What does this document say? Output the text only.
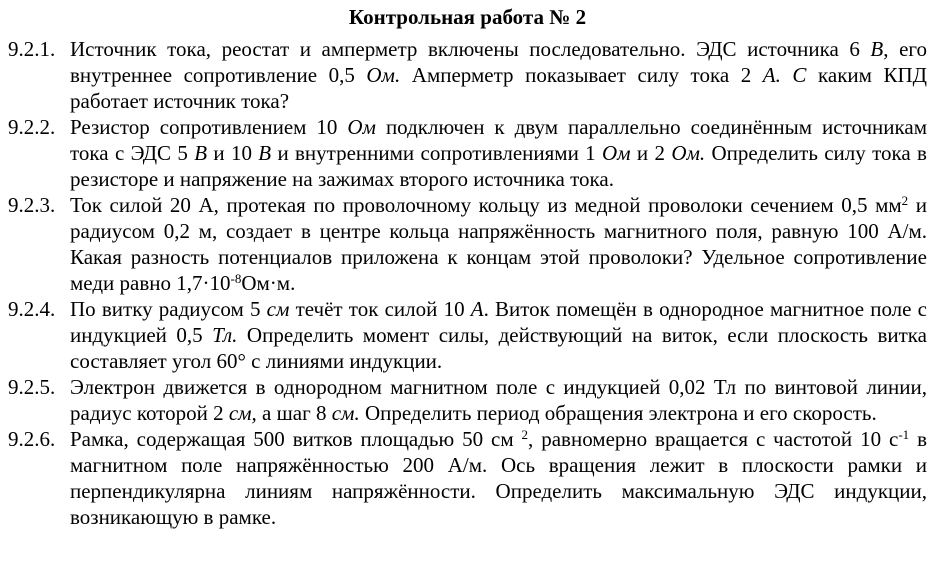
Контрольная работа № 2
9.2.1. Источник тока, реостат и амперметр включены последовательно. ЭДС источника 6 В, его внутреннее сопротивление 0,5 Ом. Амперметр показывает силу тока 2 А. С каким КПД работает источник тока?
9.2.2. Резистор сопротивлением 10 Ом подключен к двум параллельно соединённым источникам тока с ЭДС 5 В и 10 В и внутренними сопротивлениями 1 Ом и 2 Ом. Определить силу тока в резисторе и напряжение на зажимах второго источника тока.
9.2.3. Ток силой 20 А, протекая по проволочному кольцу из медной проволоки сечением 0,5 $мм^2$ и радиусом 0,2 м, создает в центре кольца напряжённость магнитного поля, равную 100 А/м. Какая разность потенциалов приложена к концам этой проволоки? Удельное сопротивление меди равно $1,7\cdot 10^{-8}Ом\cdot м$.
9.2.4. По витку радиусом 5 см течёт ток силой 10 А. Виток помещён в однородное магнитное поле с индукцией 0,5 Тл. Определить момент силы, действующий на виток, если плоскость витка составляет угол 60° с линиями индукции.
9.2.5. Электрон движется в однородном магнитном поле с индукцией 0,02 Тл по винтовой линии, радиус которой 2 см, а шаг 8 см. Определить период обращения электрона и его скорость.
9.2.6. Рамка, содержащая 500 витков площадью 50 см $^2$, равномерно вращается с частотой 10 $с^{-1}$ в магнитном поле напряжённостью 200 А/м. Ось вращения лежит в плоскости рамки и перпендикулярна линиям напряжённости. Определить максимальную ЭДС индукции, возникающую в рамке.
